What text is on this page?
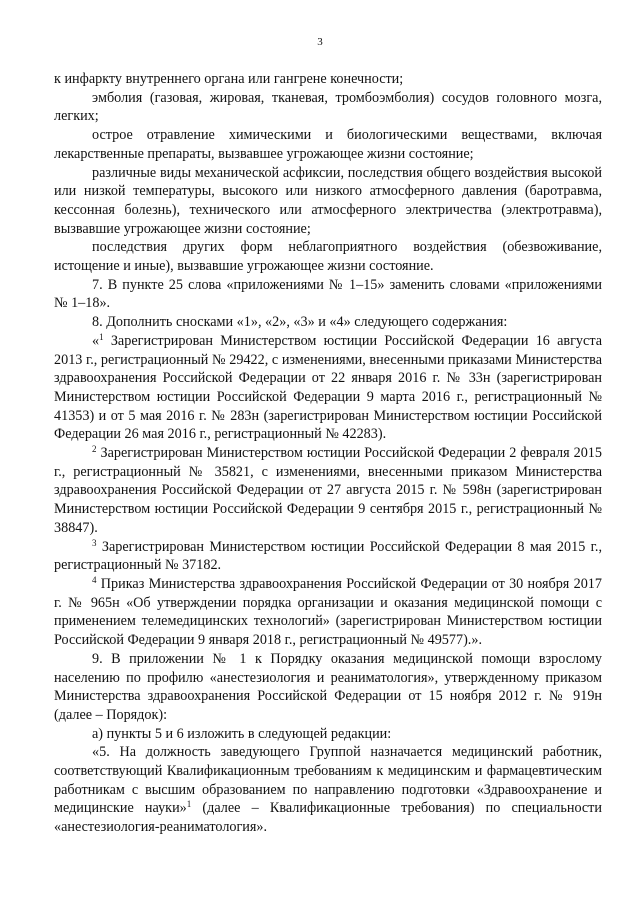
3

к инфаркту внутреннего органа или гангрене конечности;

эмболия (газовая, жировая, тканевая, тромбоэмболия) сосудов головного мозга, легких;

острое отравление химическими и биологическими веществами, включая лекарственные препараты, вызвавшее угрожающее жизни состояние;

различные виды механической асфиксии, последствия общего воздействия высокой или низкой температуры, высокого или низкого атмосферного давления (баротравма, кессонная болезнь), технического или атмосферного электричества (электротравма), вызвавшие угрожающее жизни состояние;

последствия других форм неблагоприятного воздействия (обезвоживание, истощение и иные), вызвавшие угрожающее жизни состояние.

7. В пункте 25 слова «приложениями № 1–15» заменить словами «приложениями № 1–18».

8. Дополнить сносками «1», «2», «3» и «4» следующего содержания:

«$^1$ Зарегистрирован Министерством юстиции Российской Федерации 16 августа 2013 г., регистрационный № 29422, с изменениями, внесенными приказами Министерства здравоохранения Российской Федерации от 22 января 2016 г. № 33н (зарегистрирован Министерством юстиции Российской Федерации 9 марта 2016 г., регистрационный № 41353) и от 5 мая 2016 г. № 283н (зарегистрирован Министерством юстиции Российской Федерации 26 мая 2016 г., регистрационный № 42283).

$^2$ Зарегистрирован Министерством юстиции Российской Федерации 2 февраля 2015 г., регистрационный № 35821, с изменениями, внесенными приказом Министерства здравоохранения Российской Федерации от 27 августа 2015 г. № 598н (зарегистрирован Министерством юстиции Российской Федерации 9 сентября 2015 г., регистрационный № 38847).

$^3$ Зарегистрирован Министерством юстиции Российской Федерации 8 мая 2015 г., регистрационный № 37182.

$^4$ Приказ Министерства здравоохранения Российской Федерации от 30 ноября 2017 г. № 965н «Об утверждении порядка организации и оказания медицинской помощи с применением телемедицинских технологий» (зарегистрирован Министерством юстиции Российской Федерации 9 января 2018 г., регистрационный № 49577).».

9. В приложении № 1 к Порядку оказания медицинской помощи взрослому населению по профилю «анестезиология и реаниматология», утвержденному приказом Министерства здравоохранения Российской Федерации от 15 ноября 2012 г. № 919н (далее – Порядок):

а) пункты 5 и 6 изложить в следующей редакции:

«5. На должность заведующего Группой назначается медицинский работник, соответствующий Квалификационным требованиям к медицинским и фармацевтическим работникам с высшим образованием по направлению подготовки «Здравоохранение и медицинские науки»$^1$ (далее – Квалификационные требования) по специальности «анестезиология-реаниматология».
